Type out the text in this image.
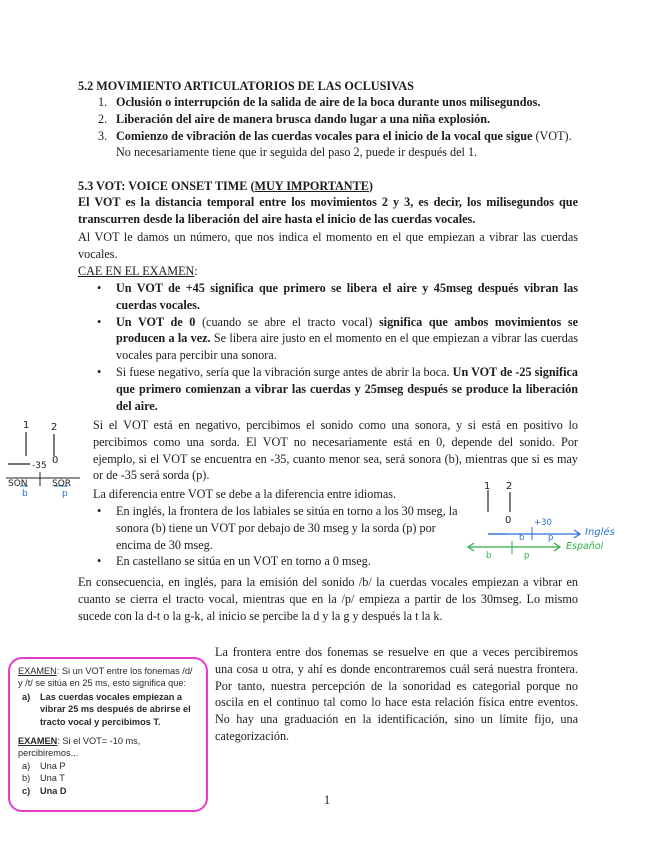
5.2 MOVIMIENTO ARTICULATORIOS DE LAS OCLUSIVAS
1. Oclusión o interrupción de la salida de aire de la boca durante unos milisegundos.
2. Liberación del aire de manera brusca dando lugar a una niña explosión.
3. Comienzo de vibración de las cuerdas vocales para el inicio de la vocal que sigue (VOT). No necesariamente tiene que ir seguida del paso 2, puede ir después del 1.
5.3 VOT: VOICE ONSET TIME (MUY IMPORTANTE)
El VOT es la distancia temporal entre los movimientos 2 y 3, es decir, los milisegundos que transcurren desde la liberación del aire hasta el inicio de las cuerdas vocales.
Al VOT le damos un número, que nos indica el momento en el que empiezan a vibrar las cuerdas vocales.
CAE EN EL EXAMEN:
• Un VOT de +45 significa que primero se libera el aire y 45mseg después vibran las cuerdas vocales.
• Un VOT de 0 (cuando se abre el tracto vocal) significa que ambos movimientos se producen a la vez. Se libera aire justo en el momento en el que empiezan a vibrar las cuerdas vocales para percibir una sonora.
• Si fuese negativo, sería que la vibración surge antes de abrir la boca. Un VOT de -25 significa que primero comienzan a vibrar las cuerdas y 25mseg después se produce la liberación del aire.
Si el VOT está en negativo, percibimos el sonido como una sonora, y si está en positivo lo percibimos como una sorda. El VOT no necesariamente está en 0, depende del sonido. Por ejemplo, si el VOT se encuentra en -35, cuanto menor sea, será sonora (b), mientras que si es may or de -35 será sorda (p).
La diferencia entre VOT se debe a la diferencia entre idiomas.
• En inglés, la frontera de los labiales se sitúa en torno a los 30 mseg, la sonora (b) tiene un VOT por debajo de 30 mseg y la sorda (p) por encima de 30 mseg.
• En castellano se sitúa en un VOT en torno a 0 mseg.
En consecuencia, en inglés, para la emisión del sonido /b/ la cuerdas vocales empiezan a vibrar en cuanto se cierra el tracto vocal, mientras que en la /p/ empieza a partir de los 30mseg. Lo mismo sucede con la d-t o la g-k, al inicio se percibe la d y la g y después la t la k.
La frontera entre dos fonemas se resuelve en que a veces percibiremos una cosa u otra, y ahí es donde encontraremos cuál será nuestra frontera. Por tanto, nuestra percepción de la sonoridad es categorial porque no oscila en el continuo tal como lo hace esta relación física entre eventos. No hay una graduación en la identificación, sino un límite fijo, una categorización.
1 2
-35 0
SON	SOR
b	p
1 2
0	+30
Inglés
b	p
Español
b	p
EXAMEN: Si un VOT entre los fonemas /d/ y /t/ se sitúa en 25 ms, esto significa que:
a) Las cuerdas vocales empiezan a vibrar 25 ms después de abrirse el tracto vocal y percibimos T.
EXAMEN: Si el VOT= -10 ms, percibiremos...
a) Una P
b) Una T
c) Una D
1
